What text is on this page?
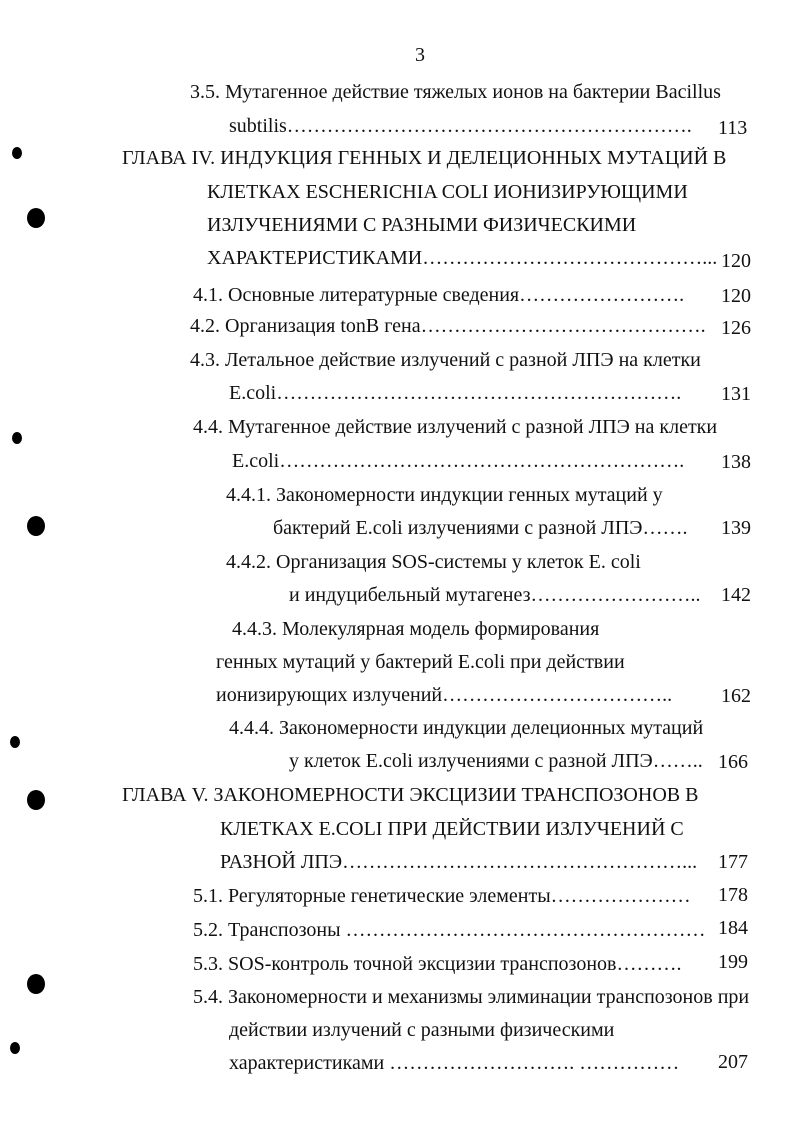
3
3.5. Мутагенное действие тяжелых ионов на бактерии Bacillus
subtilis……………………………………………………. 113
ГЛАВА IV. ИНДУКЦИЯ ГЕННЫХ И ДЕЛЕЦИОННЫХ МУТАЦИЙ В
КЛЕТКАХ ESCHERICHIA COLI ИОНИЗИРУЮЩИМИ
ИЗЛУЧЕНИЯМИ С РАЗНЫМИ ФИЗИЧЕСКИМИ
ХАРАКТЕРИСТИКАМИ……………………………………... 120
4.1. Основные литературные сведения……………………. 120
4.2. Организация tonB гена……………………………………. 126
4.3. Летальное действие излучений с разной ЛПЭ на клетки
E.coli……………………………………………………. 131
4.4. Мутагенное действие излучений с разной ЛПЭ на клетки
E.coli……………………………………………………. 138
4.4.1. Закономерности индукции генных мутаций у
бактерий E.coli излучениями с разной ЛПЭ……. 139
4.4.2. Организация SOS-системы у клеток E. coli
и индуцибельный мутагенез…………………….. 142
4.4.3. Молекулярная модель формирования
генных мутаций у бактерий E.coli при действии
ионизирующих излучений…………………………….. 162
4.4.4. Закономерности индукции делеционных мутаций
у клеток E.coli излучениями с разной ЛПЭ…….. 166
ГЛАВА V. ЗАКОНОМЕРНОСТИ ЭКСЦИЗИИ ТРАНСПОЗОНОВ В
КЛЕТКАХ E.COLI ПРИ ДЕЙСТВИИ ИЗЛУЧЕНИЙ С
РАЗНОЙ ЛПЭ……………………………………………... 177
5.1. Регуляторные генетические элементы………………… 178
5.2. Транспозоны ……………………………………………… 184
5.3. SOS-контроль точной эксцизии транспозонов………. 199
5.4. Закономерности и механизмы элиминации транспозонов при
действии излучений с разными физическими
характеристиками ………………………. …………… 207
